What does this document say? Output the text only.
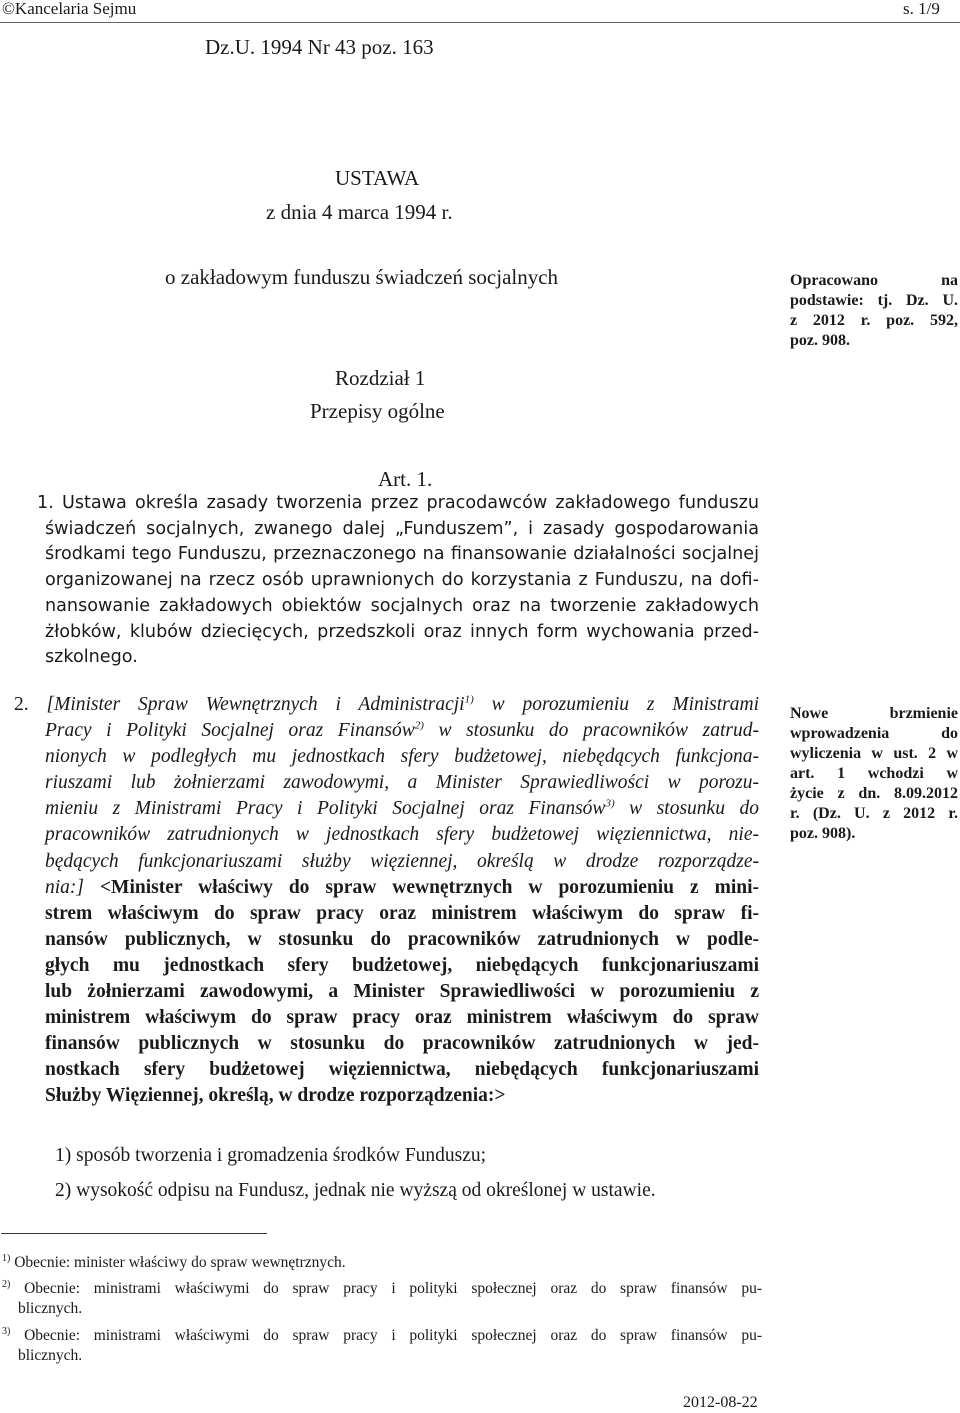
©Kancelaria Sejmu	s. 1/9
Dz.U. 1994 Nr 43 poz. 163
USTAWA
z dnia 4 marca 1994 r.
o zakładowym funduszu świadczeń socjalnych
Rozdział 1
Przepisy ogólne
Art. 1.
Opracowano na
podstawie: tj. Dz. U.
z 2012 r. poz. 592,
poz. 908.
Nowe brzmienie
wprowadzenia do
wyliczenia w ust. 2 w
art. 1 wchodzi w
życie z dn. 8.09.2012
r. (Dz. U. z 2012 r.
poz. 908).
1. Ustawa określa zasady tworzenia przez pracodawców zakładowego funduszu
świadczeń socjalnych, zwanego dalej „Funduszem”, i zasady gospodarowania
środkami tego Funduszu, przeznaczonego na finansowanie działalności socjalnej
organizowanej na rzecz osób uprawnionych do korzystania z Funduszu, na dofi-
nansowanie zakładowych obiektów socjalnych oraz na tworzenie zakładowych
żłobków, klubów dziecięcych, przedszkoli oraz innych form wychowania przed-
szkolnego.
2. [Minister Spraw Wewnętrznych i Administracji$^{1)}$ w porozumieniu z Ministrami
Pracy i Polityki Socjalnej oraz Finansów$^{2)}$ w stosunku do pracowników zatrud-
nionych w podległych mu jednostkach sfery budżetowej, niebędących funkcjona-
riuszami lub żołnierzami zawodowymi, a Minister Sprawiedliwości w porozu-
mieniu z Ministrami Pracy i Polityki Socjalnej oraz Finansów$^{3)}$ w stosunku do
pracowników zatrudnionych w jednostkach sfery budżetowej więziennictwa, nie-
będących funkcjonariuszami służby więziennej, określą w drodze rozporządze-
nia:] <Minister właściwy do spraw wewnętrznych w porozumieniu z mini-
strem właściwym do spraw pracy oraz ministrem właściwym do spraw fi-
nansów publicznych, w stosunku do pracowników zatrudnionych w podle-
głych mu jednostkach sfery budżetowej, niebędących funkcjonariuszami
lub żołnierzami zawodowymi, a Minister Sprawiedliwości w porozumieniu z
ministrem właściwym do spraw pracy oraz ministrem właściwym do spraw
finansów publicznych w stosunku do pracowników zatrudnionych w jed-
nostkach sfery budżetowej więziennictwa, niebędących funkcjonariuszami
Służby Więziennej, określą, w drodze rozporządzenia:>
1) sposób tworzenia i gromadzenia środków Funduszu;
2) wysokość odpisu na Fundusz, jednak nie wyższą od określonej w ustawie.
$^{1)}$ Obecnie: minister właściwy do spraw wewnętrznych.
$^{2)}$ Obecnie: ministrami właściwymi do spraw pracy i polityki społecznej oraz do spraw finansów pu-
blicznych.
$^{3)}$ Obecnie: ministrami właściwymi do spraw pracy i polityki społecznej oraz do spraw finansów pu-
blicznych.
2012-08-22
